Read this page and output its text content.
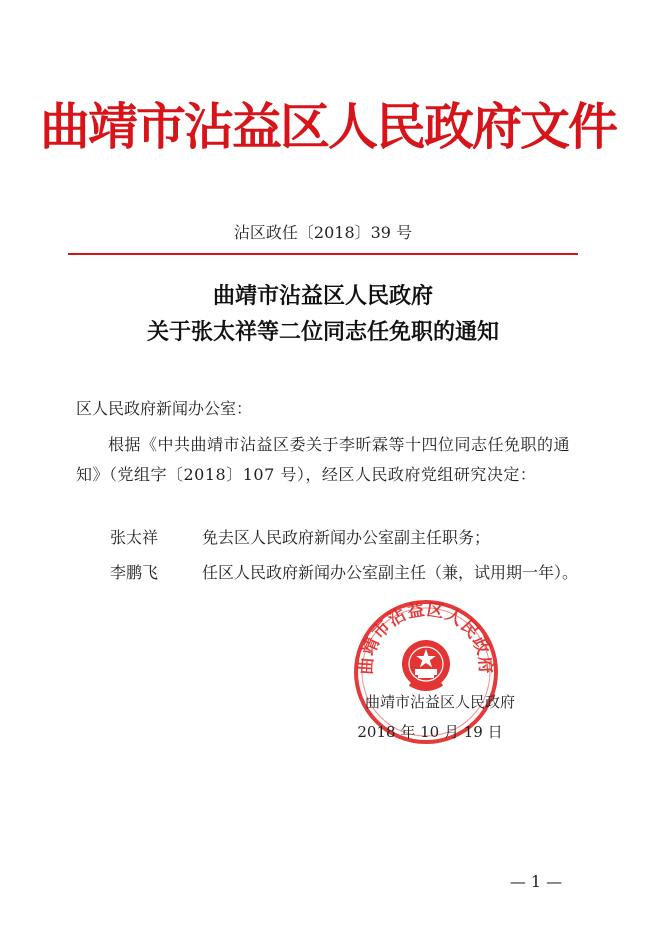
曲靖市沾益区人民政府文件
沾区政任〔2018〕39 号
曲靖市沾益区人民政府
关于张太祥等二位同志任免职的通知
区人民政府新闻办公室：
根据《中共曲靖市沾益区委关于李昕霖等十四位同志任免职的通知》（党组字〔2018〕107 号），经区人民政府党组研究决定：
张太祥	免去区人民政府新闻办公室副主任职务；
李鹏飞	任区人民政府新闻办公室副主任（兼，试用期一年）。
曲靖市沾益区人民政府
曲靖市沾益区人民政府
2018 年 10 月 19 日
— 1 —
